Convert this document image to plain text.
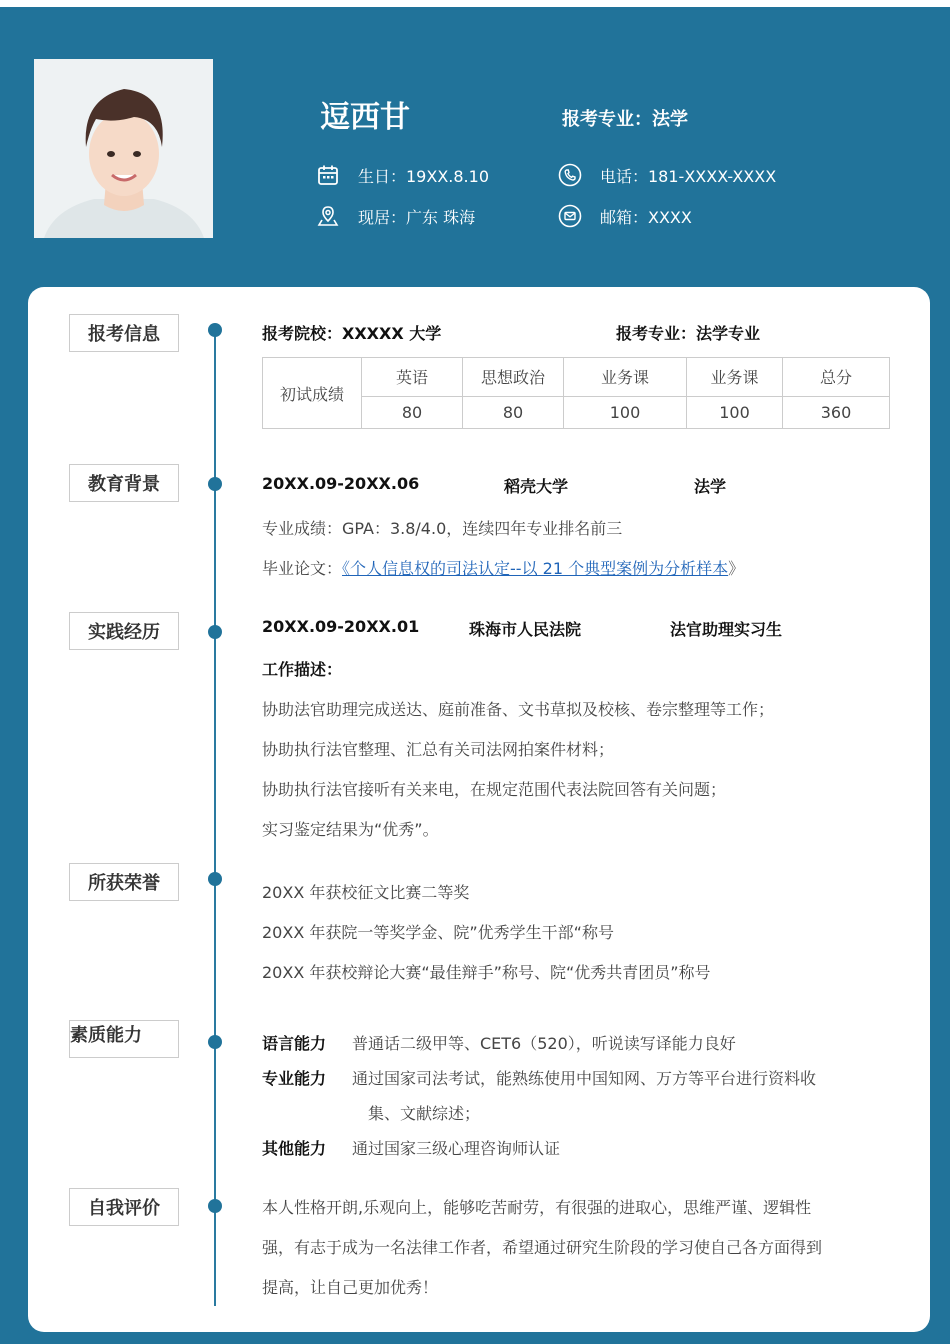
逗西甘	报考专业：法学
生日：19XX.8.10	电话：181-XXXX-XXXX
现居：广东 珠海	邮箱：XXXX
报考信息	报考院校：XXXXX 大学	报考专业：法学专业
初试成绩	英语	思想政治	业务课	业务课	总分
	80	80	100	100	360
教育背景	20XX.09-20XX.06	稻壳大学	法学
专业成绩：GPA：3.8/4.0，连续四年专业排名前三
毕业论文：《个人信息权的司法认定--以 21 个典型案例为分析样本》
实践经历	20XX.09-20XX.01	珠海市人民法院	法官助理实习生
工作描述：
协助法官助理完成送达、庭前准备、文书草拟及校核、卷宗整理等工作；
协助执行法官整理、汇总有关司法网拍案件材料；
协助执行法官接听有关来电，在规定范围代表法院回答有关问题；
实习鉴定结果为“优秀”。
所获荣誉	20XX 年获校征文比赛二等奖
20XX 年获院一等奖学金、院”优秀学生干部“称号
20XX 年获校辩论大赛“最佳辩手”称号、院“优秀共青团员”称号
素质能力	语言能力 普通话二级甲等、CET6（520），听说读写译能力良好
专业能力 通过国家司法考试，能熟练使用中国知网、万方等平台进行资料收
集、文献综述；
其他能力 通过国家三级心理咨询师认证
自我评价	本人性格开朗,乐观向上，能够吃苦耐劳，有很强的进取心，思维严谨、逻辑性
强，有志于成为一名法律工作者，希望通过研究生阶段的学习使自己各方面得到
提高，让自己更加优秀！
